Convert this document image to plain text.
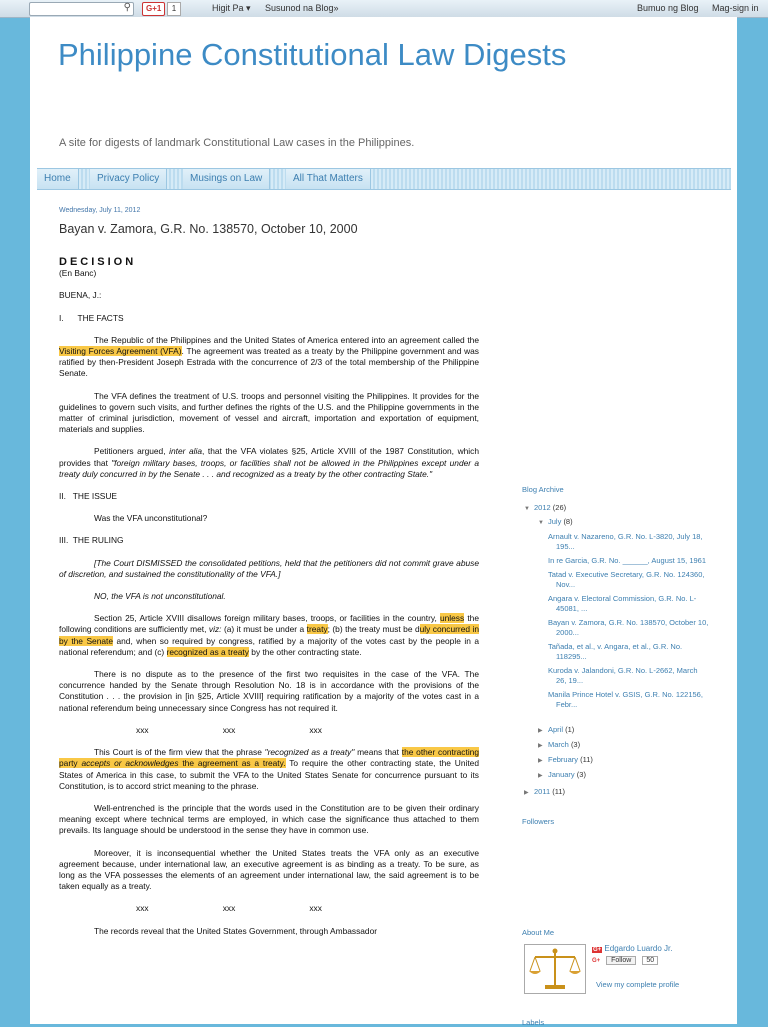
⚲	G+1	1	Higit Pa ▾ Susunod na Blog»	Bumuo ng Blog Mag-sign in
Philippine Constitutional Law Digests
A site for digests of landmark Constitutional Law cases in the Philippines.
Home	Privacy Policy	Musings on Law	All That Matters
Wednesday, July 11, 2012
Bayan v. Zamora, G.R. No. 138570, October 10, 2000

DECISION

(En Banc)

BUENA, J.:

I.      THE FACTS

The Republic of the Philippines and the United States of America entered into an agreement called the Visiting Forces Agreement (VFA). The agreement was treated as a treaty by the Philippine government and was ratified by then-President Joseph Estrada with the concurrence of 2/3 of the total membership of the Philippine Senate.

The VFA defines the treatment of U.S. troops and personnel visiting the Philippines. It provides for the guidelines to govern such visits, and further defines the rights of the U.S. and the Philippine governments in the matter of criminal jurisdiction, movement of vessel and aircraft, importation and exportation of equipment, materials and supplies.

Petitioners argued, inter alia, that the VFA violates §25, Article XVIII of the 1987 Constitution, which provides that "foreign military bases, troops, or facilities shall not be allowed in the Philippines except under a treaty duly concurred in by the Senate . . . and recognized as a treaty by the other contracting State."

II.   THE ISSUE

Was the VFA unconstitutional?

III.  THE RULING

[The Court DISMISSED the consolidated petitions, held that the petitioners did not commit grave abuse of discretion, and sustained the constitutionality of the VFA.]

NO, the VFA is not unconstitutional.

Section 25, Article XVIII disallows foreign military bases, troops, or facilities in the country, unless the following conditions are sufficiently met, viz: (a) it must be under a treaty; (b) the treaty must be duly concurred in by the Senate and, when so required by congress, ratified by a majority of the votes cast by the people in a national referendum; and (c) recognized as a treaty by the other contracting state.

There is no dispute as to the presence of the first two requisites in the case of the VFA. The concurrence handed by the Senate through Resolution No. 18 is in accordance with the provisions of the Constitution . . . the provision in [in §25, Article XVIII] requiring ratification by a majority of the votes cast in a national referendum being unnecessary since Congress has not required it.

xxx	xxx	xxx

This Court is of the firm view that the phrase "recognized as a treaty" means that the other contracting party accepts or acknowledges the agreement as a treaty. To require the other contracting state, the United States of America in this case, to submit the VFA to the United States Senate for concurrence pursuant to its Constitution, is to accord strict meaning to the phrase.

Well-entrenched is the principle that the words used in the Constitution are to be given their ordinary meaning except where technical terms are employed, in which case the significance thus attached to them prevails. Its language should be understood in the sense they have in common use.

Moreover, it is inconsequential whether the United States treats the VFA only as an executive agreement because, under international law, an executive agreement is as binding as a treaty. To be sure, as long as the VFA possesses the elements of an agreement under international law, the said agreement is to be taken equally as a treaty.

xxx	xxx	xxx

The records reveal that the United States Government, through Ambassador

Blog Archive
▼ 2012 (26)
▼ July (8)
Arnault v. Nazareno, G.R. No. L-3820, July 18, 195...
In re Garcia, G.R. No. ______, August 15, 1961
Tatad v. Executive Secretary, G.R. No. 124360, Nov...
Angara v. Electoral Commission, G.R. No. L-45081, ...
Bayan v. Zamora, G.R. No. 138570, October 10, 2000...
Tañada, et al., v. Angara, et al., G.R. No. 118295...
Kuroda v. Jalandoni, G.R. No. L-2662, March 26, 19...
Manila Prince Hotel v. GSIS, G.R. No. 122156, Febr...
▶ April (1)
▶ March (3)
▶ February (11)
▶ January (3)
▶ 2011 (11)
Followers
About Me
G+ Edgardo Luardo Jr.
G+ Follow 50
View my complete profile
Labels
